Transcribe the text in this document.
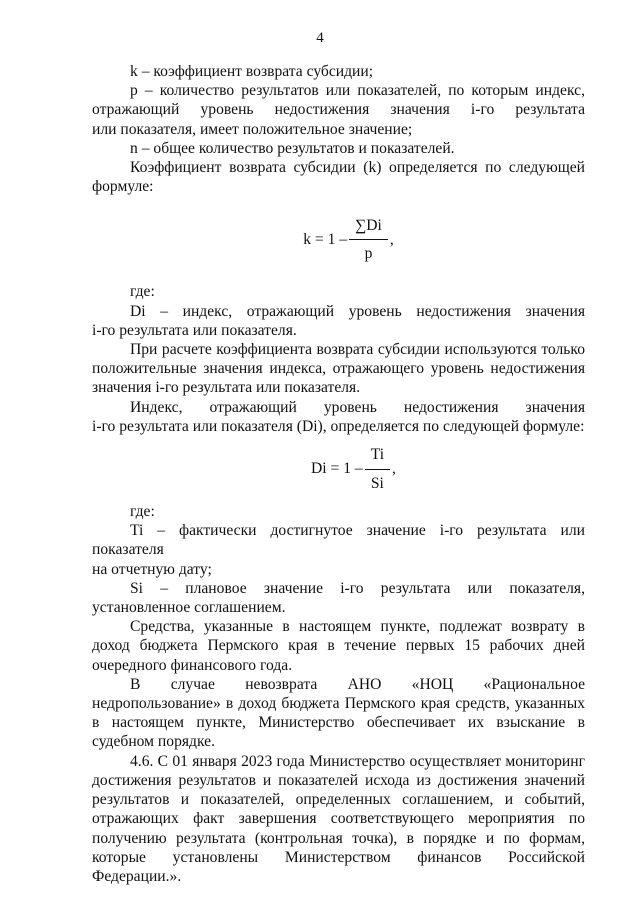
4

k – коэффициент возврата субсидии;

р – количество результатов или показателей, по которым индекс,

отражающий уровень недостижения значения i-го результата

или показателя, имеет положительное значение;

n – общее количество результатов и показателей.

Коэффициент возврата субсидии (k) определяется по следующей

формуле:

$k = 1 - \frac{\sum Di}{p}$ ,

где:

Di – индекс, отражающий уровень недостижения значения

i-го результата или показателя.

При расчете коэффициента возврата субсидии используются только положительные значения индекса, отражающего уровень недостижения значения i-го результата или показателя.

Индекс, отражающий уровень недостижения значения

i-го результата или показателя (Di), определяется по следующей формуле:

$Di = 1 - \frac{Ti}{Si}$ ,

где:

Ti – фактически достигнутое значение i-го результата или показателя

на отчетную дату;

Si – плановое значение i-го результата или показателя,

установленное соглашением.

Средства, указанные в настоящем пункте, подлежат возврату в доход бюджета Пермского края в течение первых 15 рабочих дней очередного финансового года.

В случае невозврата АНО «НОЦ «Рациональное недропользование» в доход бюджета Пермского края средств, указанных в настоящем пункте, Министерство обеспечивает их взыскание в судебном порядке.

4.6. С 01 января 2023 года Министерство осуществляет мониторинг достижения результатов и показателей исхода из достижения значений результатов и показателей, определенных соглашением, и событий, отражающих факт завершения соответствующего мероприятия по получению результата (контрольная точка), в порядке и по формам, которые установлены Министерством финансов Российской Федерации.».
